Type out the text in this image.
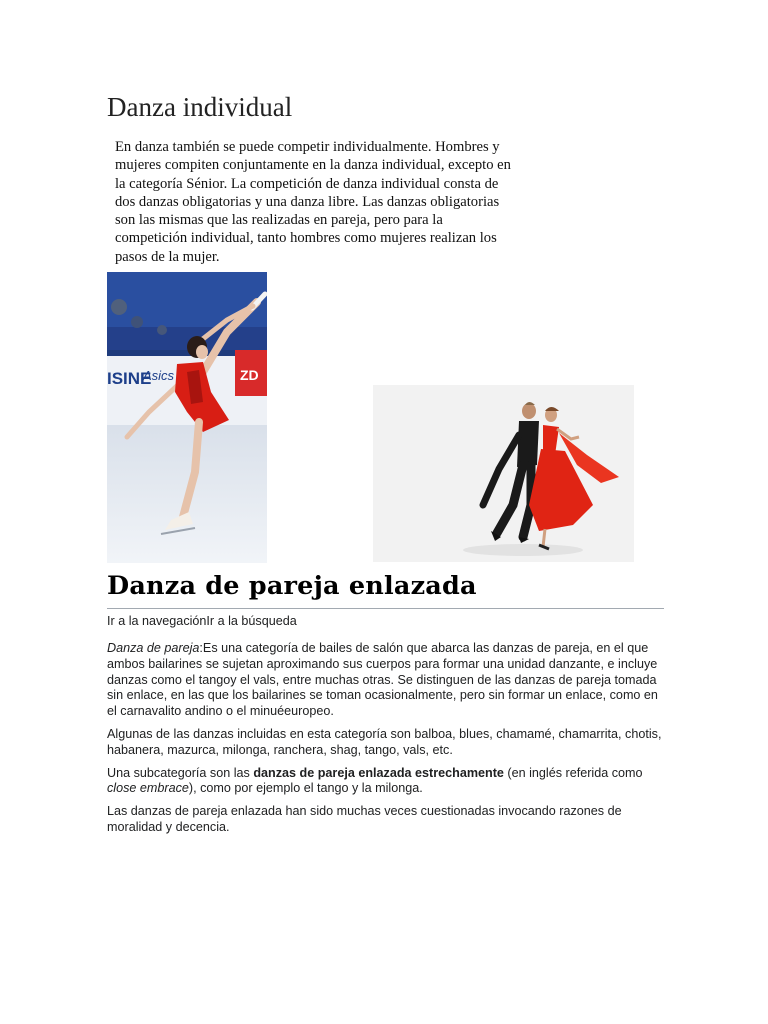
Danza individual

En danza también se puede competir individualmente. Hombres y mujeres compiten conjuntamente en la danza individual, excepto en la categoría Sénior. La competición de danza individual consta de dos danzas obligatorias y una danza libre. Las danzas obligatorias son las mismas que las realizadas en pareja, pero para la competición individual, tanto hombres como mujeres realizan los pasos de la mujer.

ISINE
Asics	ZD
Danza de pareja enlazada

Ir a la navegaciónIr a la búsqueda

Danza de pareja:Es una categoría de bailes de salón que abarca las danzas de pareja, en el que ambos bailarines se sujetan aproximando sus cuerpos para formar una unidad danzante, e incluye danzas como el tangoy el vals, entre muchas otras. Se distinguen de las danzas de pareja tomada sin enlace, en las que los bailarines se toman ocasionalmente, pero sin formar un enlace, como en el carnavalito andino o el minuéeuropeo.

Algunas de las danzas incluidas en esta categoría son balboa, blues, chamamé, chamarrita, chotis, habanera, mazurca, milonga, ranchera, shag, tango, vals, etc.

Una subcategoría son las danzas de pareja enlazada estrechamente (en inglés referida como close embrace), como por ejemplo el tango y la milonga.

Las danzas de pareja enlazada han sido muchas veces cuestionadas invocando razones de moralidad y decencia.
